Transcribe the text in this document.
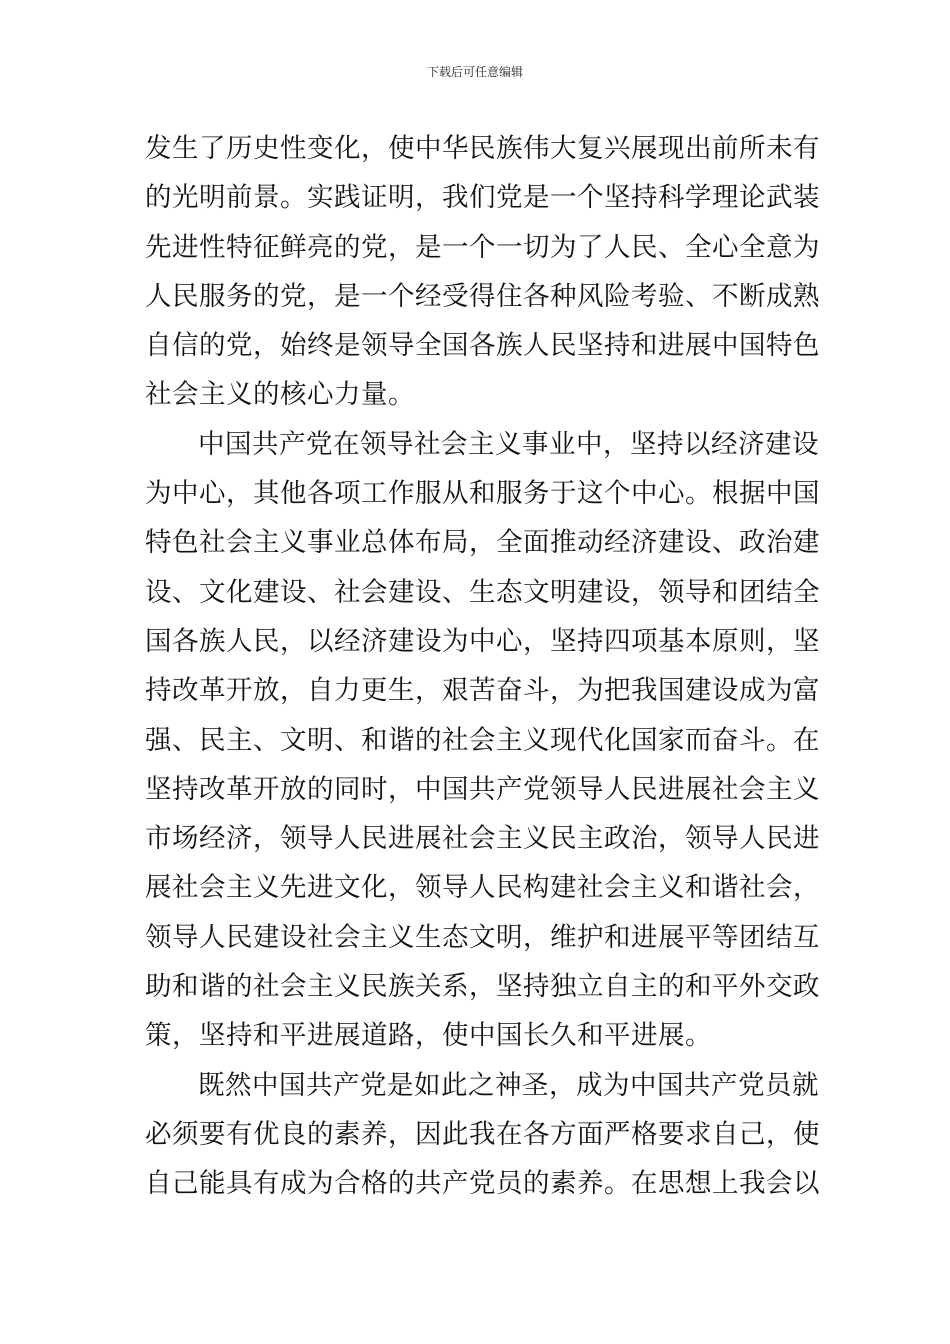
下载后可任意编辑
发生了历史性变化，使中华民族伟大复兴展现出前所未有
的光明前景。实践证明，我们党是一个坚持科学理论武装
先进性特征鲜亮的党，是一个一切为了人民、全心全意为
人民服务的党，是一个经受得住各种风险考验、不断成熟
自信的党，始终是领导全国各族人民坚持和进展中国特色
社会主义的核心力量。
中国共产党在领导社会主义事业中，坚持以经济建设
为中心，其他各项工作服从和服务于这个中心。根据中国
特色社会主义事业总体布局，全面推动经济建设、政治建
设、文化建设、社会建设、生态文明建设，领导和团结全
国各族人民，以经济建设为中心，坚持四项基本原则，坚
持改革开放，自力更生，艰苦奋斗，为把我国建设成为富
强、民主、文明、和谐的社会主义现代化国家而奋斗。在
坚持改革开放的同时，中国共产党领导人民进展社会主义
市场经济，领导人民进展社会主义民主政治，领导人民进
展社会主义先进文化，领导人民构建社会主义和谐社会，
领导人民建设社会主义生态文明，维护和进展平等团结互
助和谐的社会主义民族关系，坚持独立自主的和平外交政
策，坚持和平进展道路，使中国长久和平进展。
既然中国共产党是如此之神圣，成为中国共产党员就
必须要有优良的素养，因此我在各方面严格要求自己，使
自己能具有成为合格的共产党员的素养。在思想上我会以
